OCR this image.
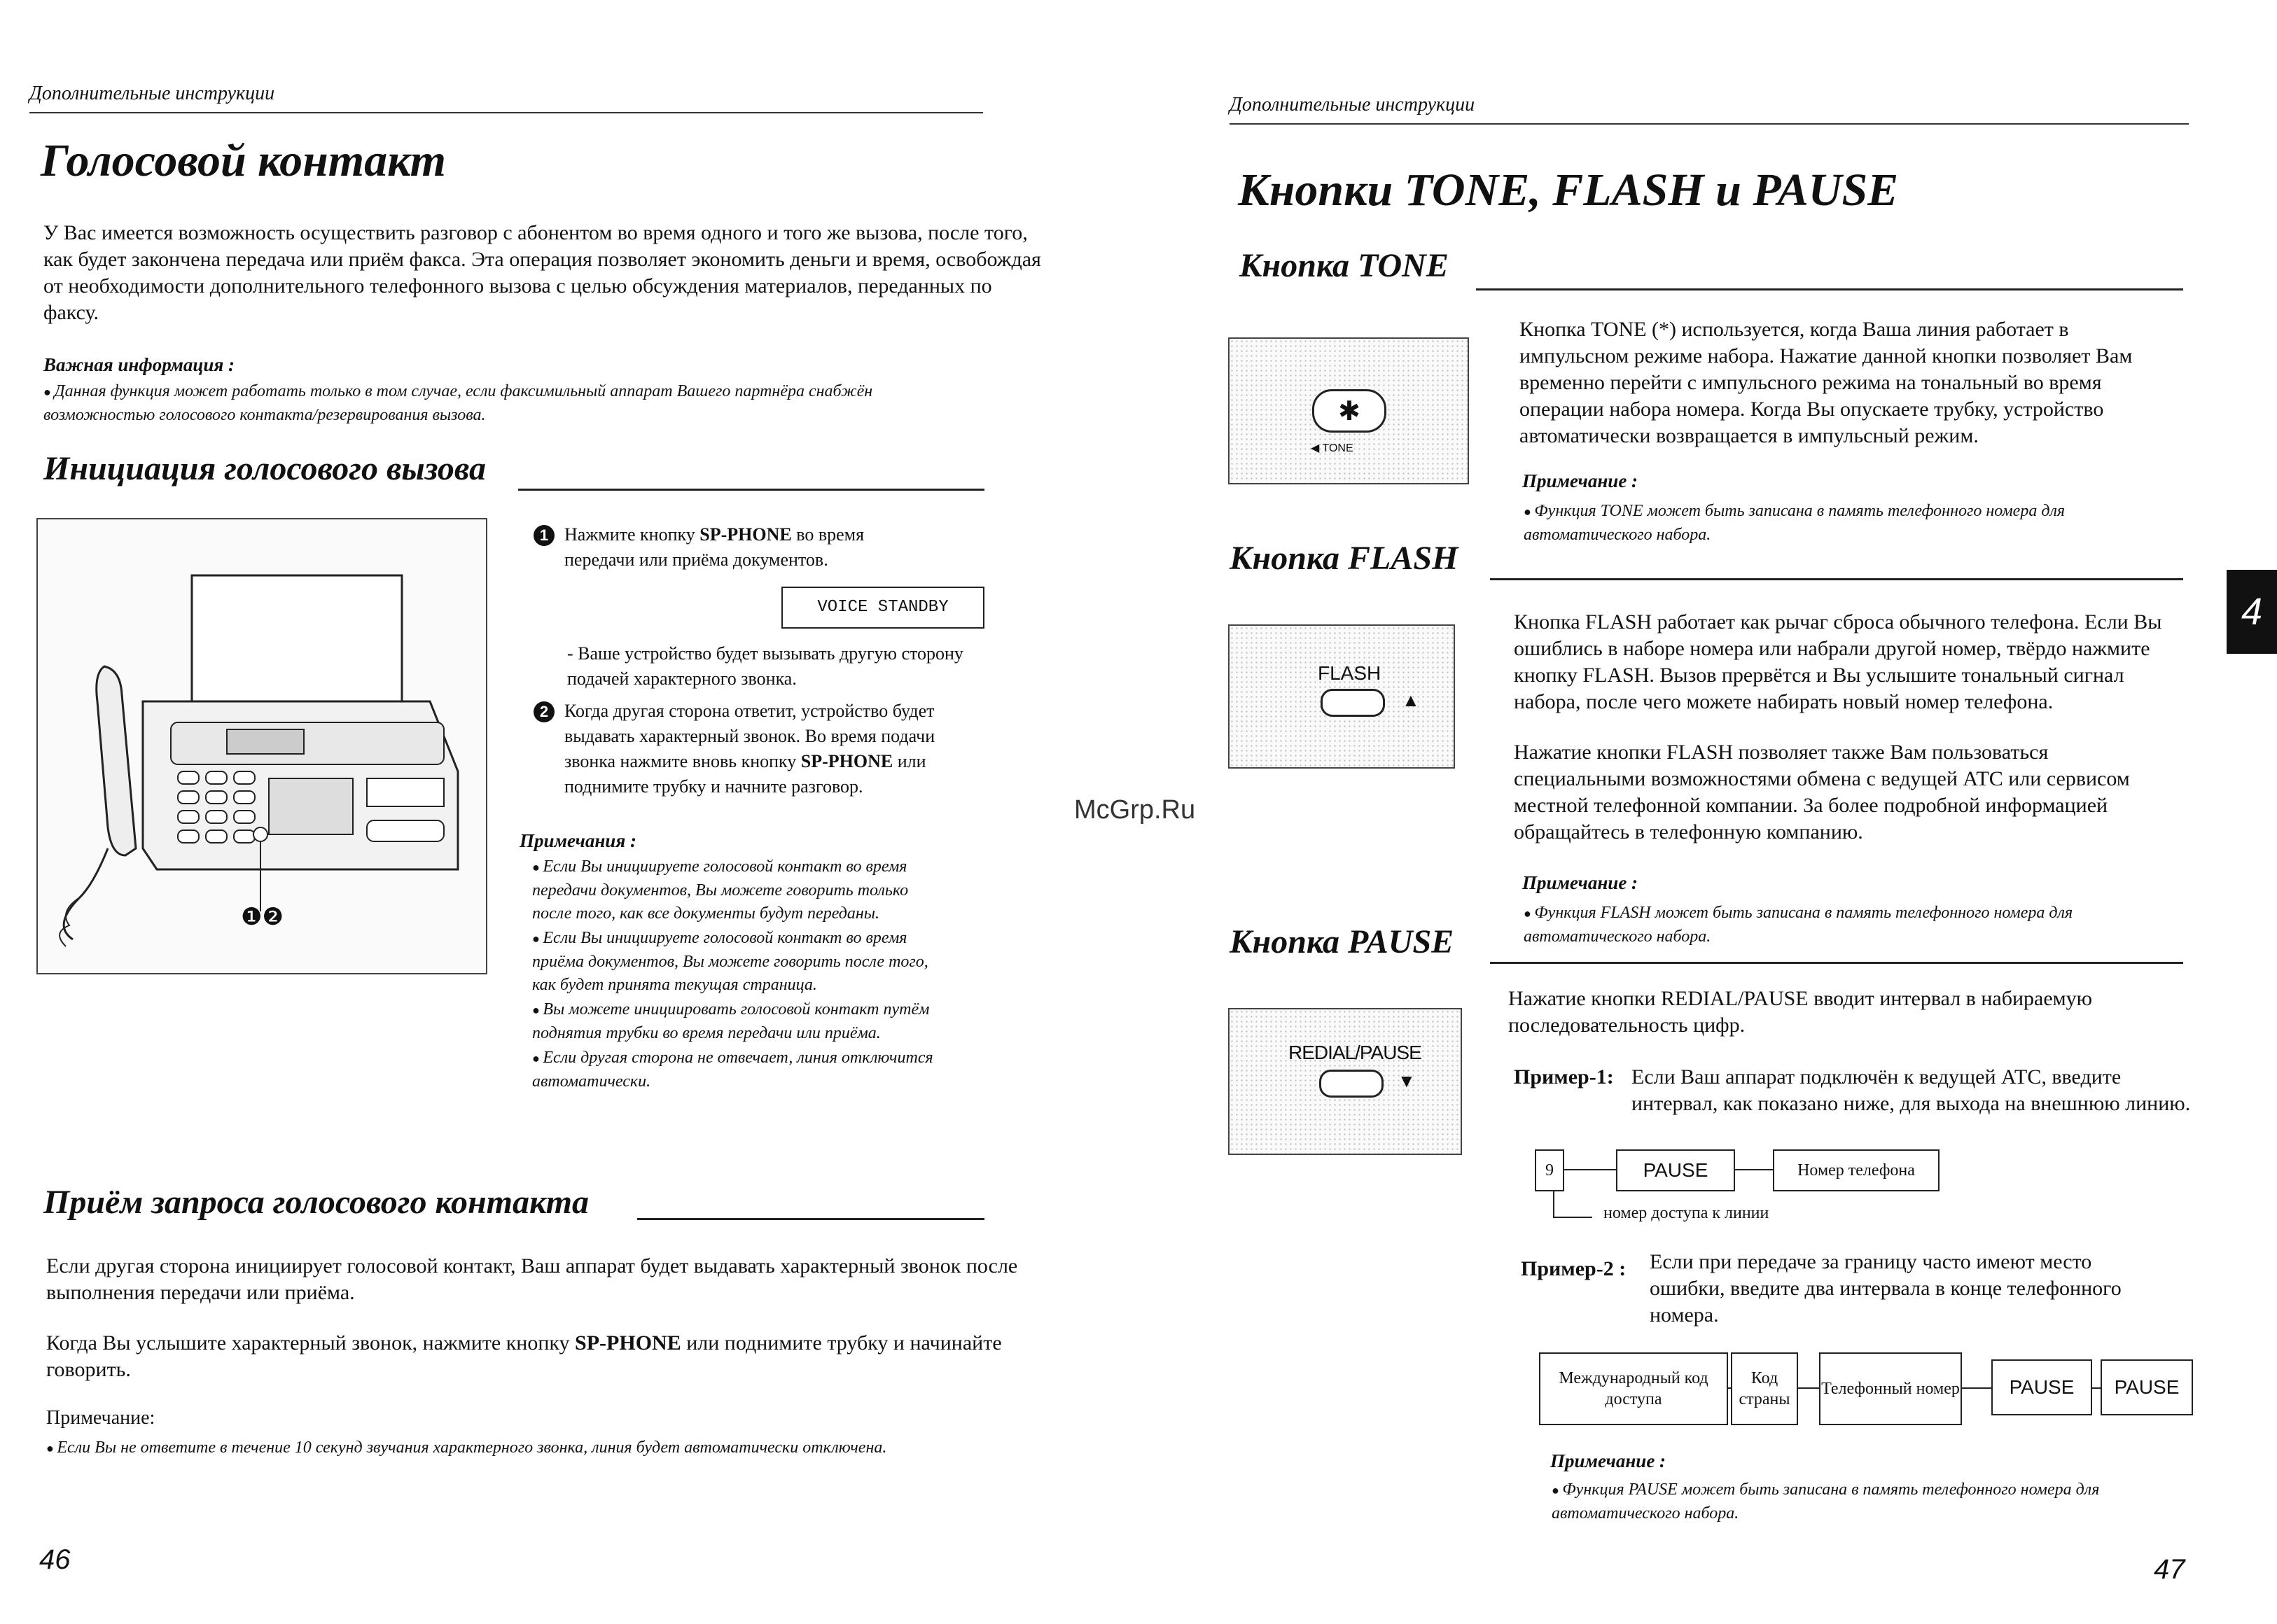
Дополнительные инсmрукции
Голосовой контакт
У Вас имеется возможность осуществить разговор с абонентом во время одного и того же вызова, после того, как будет закончена передача или приём факса. Эта операция позволяет экономить деньги и время, освобождая от необходимости дополнительного телефонного вызова с целью обсуждения материалов, переданных по факсу.
Важная информация :
● Данная функция может работать только в том случае, если факсимильный аппарат Вашего партнёра снабжён возможностью голосового контакта/резервирования вызова.
Инициация голосового вызова
❶❷
1 Нажмите кнопку SP-PHONE во время передачи или приёма документов.
VOICE STANDBY
- Ваше устройство будет вызывать другую сторону подачей характерного звонка.
2 Когда другая сторона ответит, устройство будет выдавать характерный звонок. Во время подачи звонка нажмите вновь кнопку SP-PHONE или поднимите трубку и начните разговор.
Примечания :
● Если Вы инициируете голосовой контакт во время передачи документов, Вы можете говорить только после того, как все документы будут переданы.
● Если Вы инициируете голосовой контакт во время приёма документов, Вы можете говорить после того, как будет принята текущая страница.
● Вы можете инициировать голосовой контакт путём поднятия трубки во время передачи или приёма.
● Если другая сторона не отвечает, линия отключится автоматически.
Приём запроса голосового контакта
Если другая сторона инициирует голосовой контакт, Ваш аппарат будет выдавать характерный звонок после выполнения передачи или приёма.
Когда Вы услышите характерный звонок, нажмите кнопку SP-PHONE или поднимите трубку и начинайте говорить.
Примечание:
● Если Вы не ответите в течение 10 секунд звучания характерного звонка, линия будет автоматически отключена.
46
McGrp.Ru
Дополнительные инсmрукции
Кнопки TONE, FLASH и PAUSE
Кнопка TONE
✱
◀ TONE
Кнопка TONE (*) используется, когда Ваша линия работает в импульсном режиме набора. Нажатие данной кнопки позволяет Вам временно перейти с импульсного режима на тональный во время операции набора номера. Когда Вы опускаете трубку, устройство автоматически возвращается в импульсный режим.
Примечание :
● Функция TONE может быть записана в память телефонного номера для автоматического набора.
Кнопка FLASH
FLASH
▲
Кнопка FLASH работает как рычаг сброса обычного телефона. Если Вы ошиблись в наборе номера или набрали другой номер, твёрдо нажмите кнопку FLASH. Вызов прервётся и Вы услышите тональный сигнал набора, после чего можете набирать новый номер телефона.
Нажатие кнопки FLASH позволяет также Вам пользоваться специальными возможностями обмена с ведущей АТС или сервисом местной телефонной компании. За более подробной информацией обращайтесь в телефонную компанию.
Примечание :
● Функция FLASH может быть записана в память телефонного номера для автоматического набора.
Кнопка PAUSE
REDIAL/PAUSE
▼
Нажатие кнопки REDIAL/PAUSE вводит интервал в набираемую последовательность цифр.
Пример-1: Если Ваш аппарат подключён к ведущей АТС, введите интервал, как показано ниже, для выхода на внешнюю линию.
9	PAUSE	Номер телефона
номер доступа к линии
Пример-2 : Если при передаче за границу часто имеют место ошибки, введите два интервала в конце телефонного номера.
Международный код доступа
Код страны
Телефонный номер	PAUSE	PAUSE
Примечание :
● Функция PAUSE может быть записана в память телефонного номера для автоматического набора.
4
47
